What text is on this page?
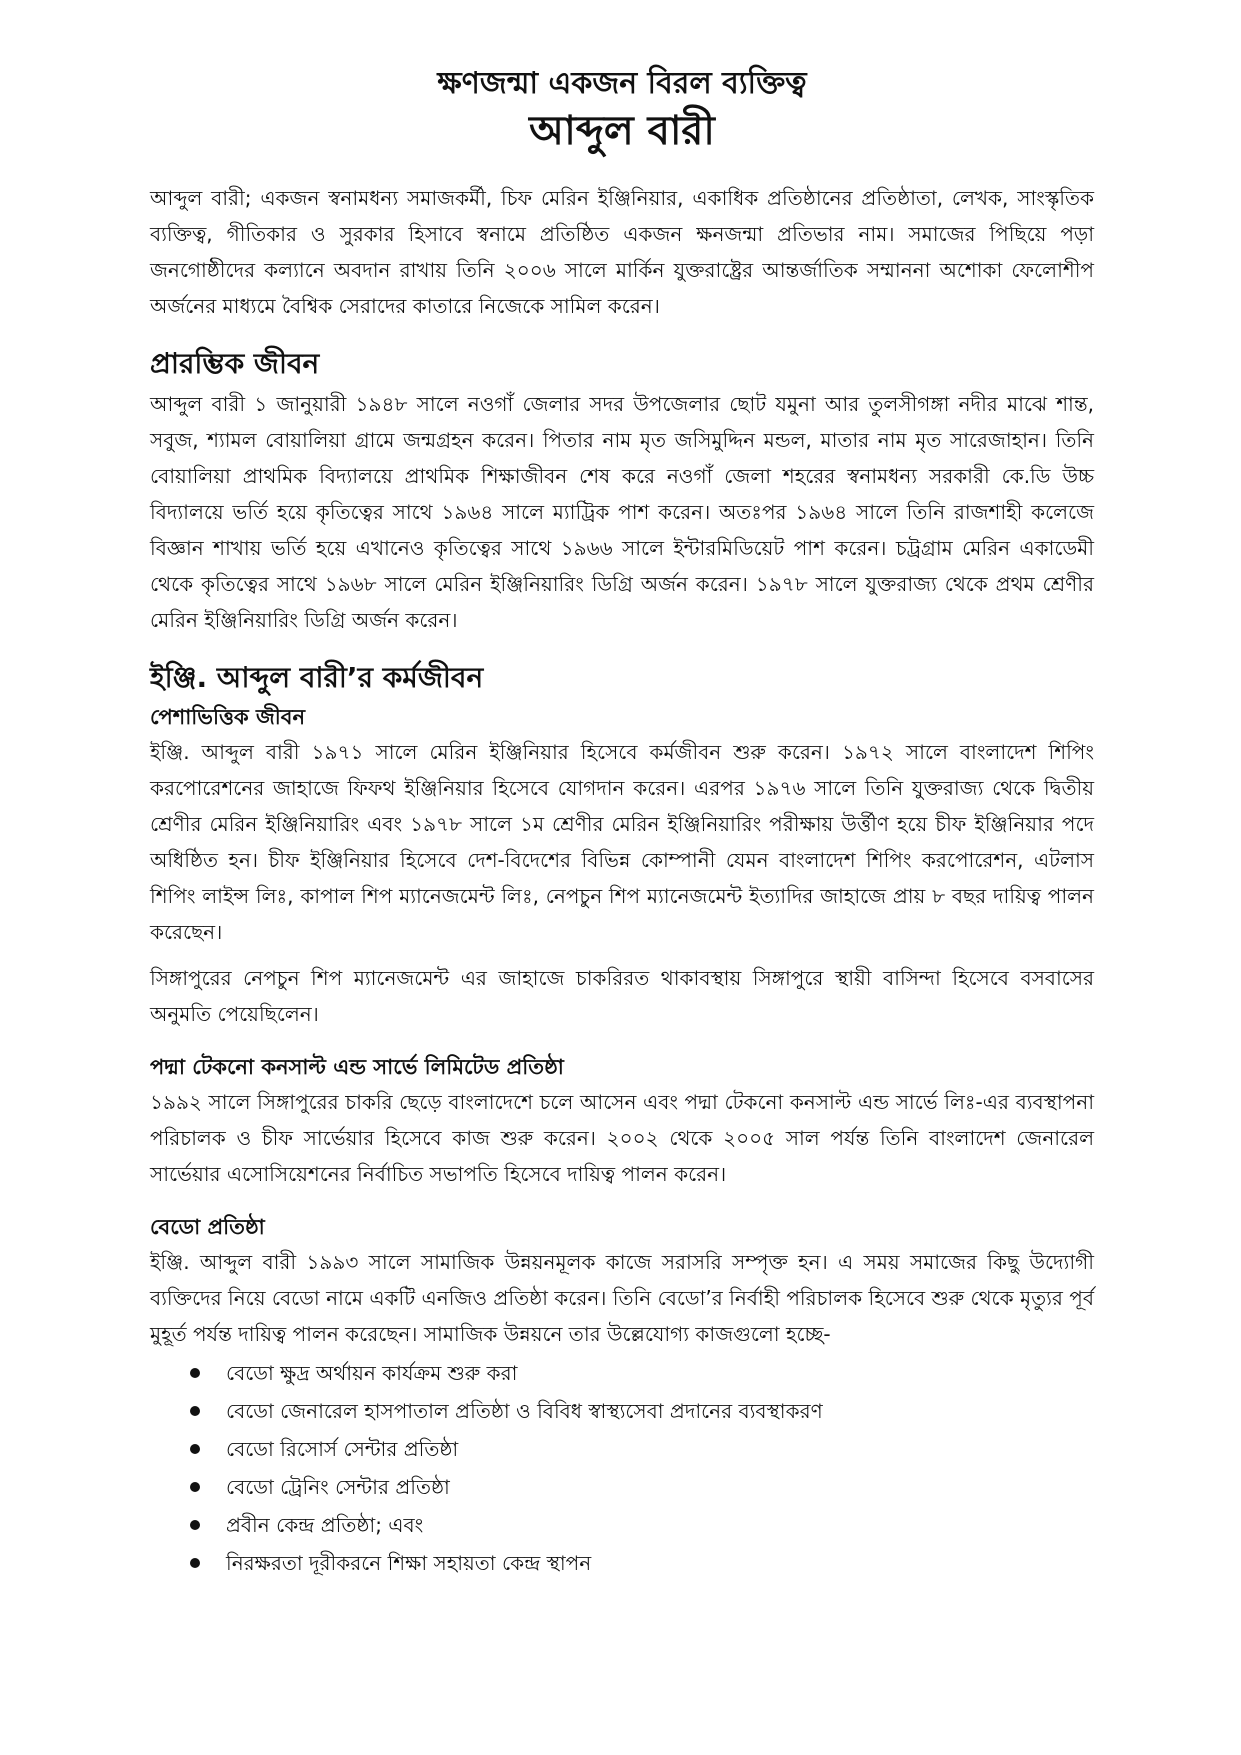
ক্ষণজন্মা একজন বিরল ব্যক্তিত্ব
আব্দুল বারী

আব্দুল বারী; একজন স্বনামধন্য সমাজকর্মী, চিফ মেরিন ইঞ্জিনিয়ার, একাধিক প্রতিষ্ঠানের প্রতিষ্ঠাতা, লেখক, সাংস্কৃতিক ব্যক্তিত্ব, গীতিকার ও সুরকার হিসাবে স্বনামে প্রতিষ্ঠিত একজন ক্ষনজন্মা প্রতিভার নাম। সমাজের পিছিয়ে পড়া জনগোষ্ঠীদের কল্যানে অবদান রাখায় তিনি ২০০৬ সালে মার্কিন যুক্তরাষ্ট্রের আন্তর্জাতিক সম্মাননা অশোকা ফেলোশীপ অর্জনের মাধ্যমে বৈশ্বিক সেরাদের কাতারে নিজেকে সামিল করেন।

প্রারম্ভিক জীবন

আব্দুল বারী ১ জানুয়ারী ১৯৪৮ সালে নওগাঁ জেলার সদর উপজেলার ছোট যমুনা আর তুলসীগঙ্গা নদীর মাঝে শান্ত, সবুজ, শ্যামল বোয়ালিয়া গ্রামে জন্মগ্রহন করেন। পিতার নাম মৃত জসিমুদ্দিন মন্ডল, মাতার নাম মৃত সারেজাহান। তিনি বোয়ালিয়া প্রাথমিক বিদ্যালয়ে প্রাথমিক শিক্ষাজীবন শেষ করে নওগাঁ জেলা শহরের স্বনামধন্য সরকারী কে.ডি উচ্চ বিদ্যালয়ে ভর্তি হয়ে কৃতিত্বের সাথে ১৯৬৪ সালে ম্যাট্রিক পাশ করেন। অতঃপর ১৯৬৪ সালে তিনি রাজশাহী কলেজে বিজ্ঞান শাখায় ভর্তি হয়ে এখানেও কৃতিত্বের সাথে ১৯৬৬ সালে ইন্টারমিডিয়েট পাশ করেন। চট্রগ্রাম মেরিন একাডেমী থেকে কৃতিত্বের সাথে ১৯৬৮ সালে মেরিন ইঞ্জিনিয়ারিং ডিগ্রি অর্জন করেন। ১৯৭৮ সালে যুক্তরাজ্য থেকে প্রথম শ্রেণীর মেরিন ইঞ্জিনিয়ারিং ডিগ্রি অর্জন করেন।

ইঞ্জি. আব্দুল বারী’র কর্মজীবন
পেশাভিত্তিক জীবন

ইঞ্জি. আব্দুল বারী ১৯৭১ সালে মেরিন ইঞ্জিনিয়ার হিসেবে কর্মজীবন শুরু করেন। ১৯৭২ সালে বাংলাদেশ শিপিং করপোরেশনের জাহাজে ফিফথ ইঞ্জিনিয়ার হিসেবে যোগদান করেন। এরপর ১৯৭৬ সালে তিনি যুক্তরাজ্য থেকে দ্বিতীয় শ্রেণীর মেরিন ইঞ্জিনিয়ারিং এবং ১৯৭৮ সালে ১ম শ্রেণীর মেরিন ইঞ্জিনিয়ারিং পরীক্ষায় উর্ত্তীণ হয়ে চীফ ইঞ্জিনিয়ার পদে অধিষ্ঠিত হন। চীফ ইঞ্জিনিয়ার হিসেবে দেশ-বিদেশের বিভিন্ন কোম্পানী যেমন বাংলাদেশ শিপিং করপোরেশন, এটলাস শিপিং লাইন্স লিঃ, কাপাল শিপ ম্যানেজমেন্ট লিঃ, নেপচুন শিপ ম্যানেজমেন্ট ইত্যাদির জাহাজে প্রায় ৮ বছর দায়িত্ব পালন করেছেন।

সিঙ্গাপুরের নেপচুন শিপ ম্যানেজমেন্ট এর জাহাজে চাকরিরত থাকাবস্থায় সিঙ্গাপুরে স্থায়ী বাসিন্দা হিসেবে বসবাসের অনুমতি পেয়েছিলেন।

পদ্মা টেকনো কনসাল্ট এন্ড সার্ভে লিমিটেড প্রতিষ্ঠা

১৯৯২ সালে সিঙ্গাপুরের চাকরি ছেড়ে বাংলাদেশে চলে আসেন এবং পদ্মা টেকনো কনসাল্ট এন্ড সার্ভে লিঃ-এর ব্যবস্থাপনা পরিচালক ও চীফ সার্ভেয়ার হিসেবে কাজ শুরু করেন। ২০০২ থেকে ২০০৫ সাল পর্যন্ত তিনি বাংলাদেশ জেনারেল সার্ভেয়ার এসোসিয়েশনের নির্বাচিত সভাপতি হিসেবে দায়িত্ব পালন করেন।

বেডো প্রতিষ্ঠা

ইঞ্জি. আব্দুল বারী ১৯৯৩ সালে সামাজিক উন্নয়নমূলক কাজে সরাসরি সম্পৃক্ত হন। এ সময় সমাজের কিছু উদ্যোগী ব্যক্তিদের নিয়ে বেডো নামে একটি এনজিও প্রতিষ্ঠা করেন। তিনি বেডো’র নির্বাহী পরিচালক হিসেবে শুরু থেকে মৃত্যুর পূর্ব মুহূর্ত পর্যন্ত দায়িত্ব পালন করেছেন। সামাজিক উন্নয়নে তার উল্লেযোগ্য কাজগুলো হচ্ছে-

বেডো ক্ষুদ্র অর্থায়ন কার্যক্রম শুরু করা
বেডো জেনারেল হাসপাতাল প্রতিষ্ঠা ও বিবিধ স্বাস্থ্যসেবা প্রদানের ব্যবস্থাকরণ
বেডো রিসোর্স সেন্টার প্রতিষ্ঠা
বেডো ট্রেনিং সেন্টার প্রতিষ্ঠা
প্রবীন কেন্দ্র প্রতিষ্ঠা; এবং
নিরক্ষরতা দূরীকরনে শিক্ষা সহায়তা কেন্দ্র স্থাপন
